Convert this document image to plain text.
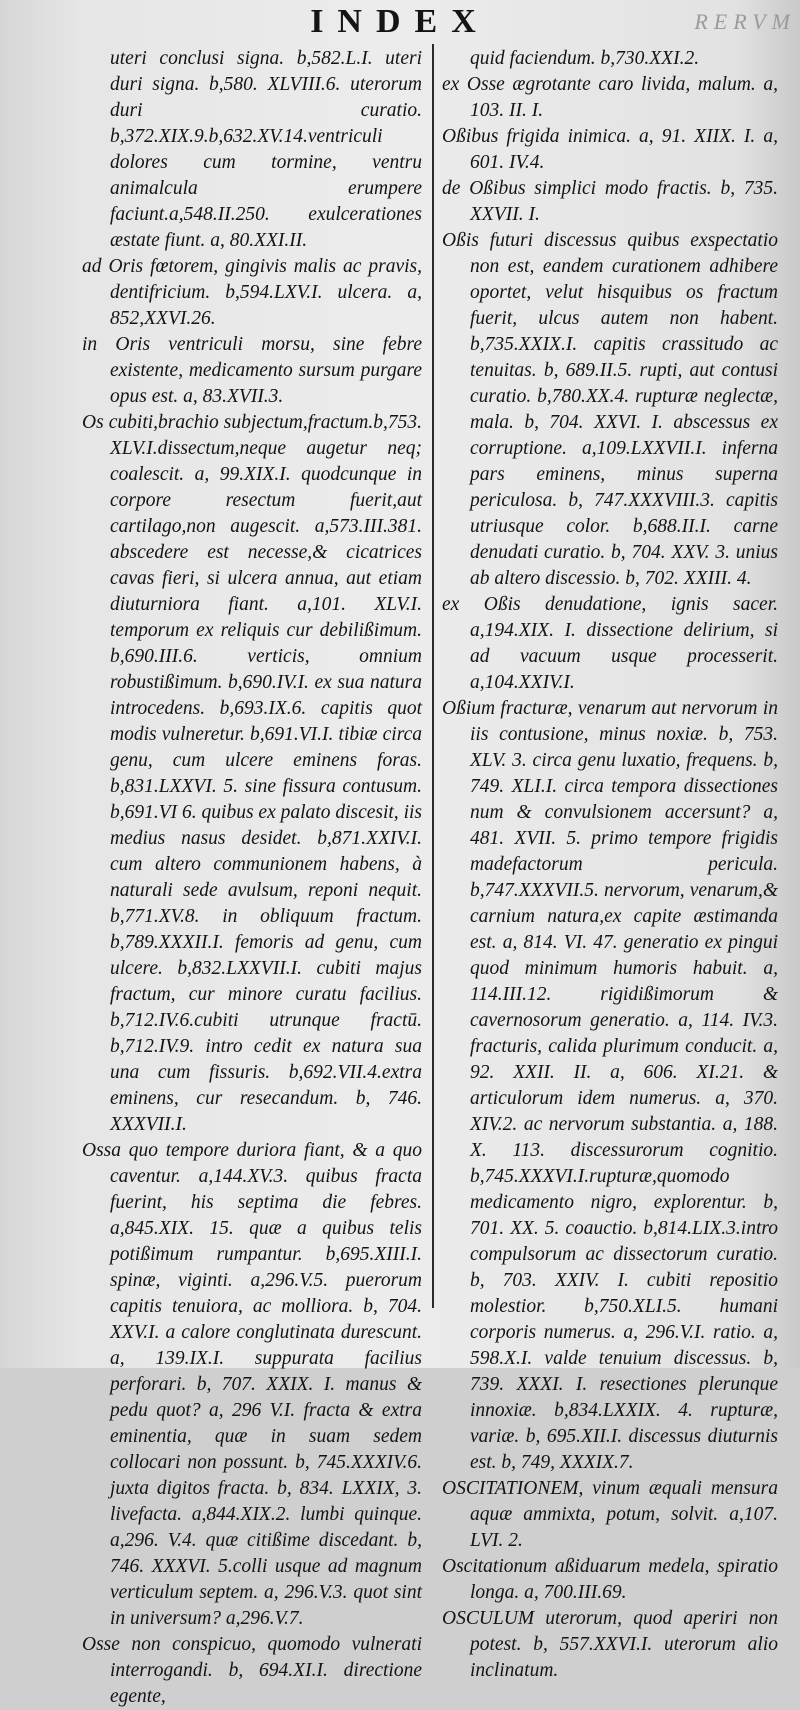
INDEX	RERVM

uteri conclusi signa. b,582.L.I. uteri duri signa. b,580. XLVIII.6. uterorum duri curatio. b,372.XIX.9.b,632.XV.14.ventriculi dolores cum tormine, ventru animalcula erumpere faciunt.a,548.II.250. exulcerationes æstate fiunt. a, 80.XXI.II.

ad Oris fœtorem, gingivis malis ac pravis, dentifricium. b,594.LXV.I. ulcera. a, 852,XXVI.26.

in Oris ventriculi morsu, sine febre existente, medicamento sursum purgare opus est. a, 83.XVII.3.

Os cubiti,brachio subjectum,fractum.b,753. XLV.I.dissectum,neque augetur neq; coalescit. a, 99.XIX.I. quodcunque in corpore resectum fuerit,aut cartilago,non augescit. a,573.III.381. abscedere est necesse,& cicatrices cavas fieri, si ulcera annua, aut etiam diuturniora fiant. a,101. XLV.I. temporum ex reliquis cur debilißimum. b,690.III.6. verticis, omnium robustißimum. b,690.IV.I. ex sua natura introcedens. b,693.IX.6. capitis quot modis vulneretur. b,691.VI.I. tibiæ circa genu, cum ulcere eminens foras. b,831.LXXVI. 5. sine fissura contusum. b,691.VI 6. quibus ex palato discesit, iis medius nasus desidet. b,871.XXIV.I. cum altero communionem habens, à naturali sede avulsum, reponi nequit. b,771.XV.8. in obliquum fractum. b,789.XXXII.I. femoris ad genu, cum ulcere. b,832.LXXVII.I. cubiti majus fractum, cur minore curatu facilius. b,712.IV.6.cubiti utrunque fractū. b,712.IV.9. intro cedit ex natura sua una cum fissuris. b,692.VII.4.extra eminens, cur resecandum. b, 746. XXXVII.I.

Ossa quo tempore duriora fiant, & a quo caventur. a,144.XV.3. quibus fracta fuerint, his septima die febres. a,845.XIX. 15. quæ a quibus telis potißimum rumpantur. b,695.XIII.I. spinæ, viginti. a,296.V.5. puerorum capitis tenuiora, ac molliora. b, 704. XXV.I. a calore conglutinata durescunt. a, 139.IX.I. suppurata facilius perforari. b, 707. XXIX. I. manus & pedu quot? a, 296 V.I. fracta & extra eminentia, quæ in suam sedem collocari non possunt. b, 745.XXXIV.6. juxta digitos fracta. b, 834. LXXIX, 3. livefacta. a,844.XIX.2. lumbi quinque. a,296. V.4. quæ citißime discedant. b, 746. XXXVI. 5.colli usque ad magnum verticulum septem. a, 296.V.3. quot sint in universum? a,296.V.7.

Osse non conspicuo, quomodo vulnerati interrogandi. b, 694.XI.I. directione egente,

quid faciendum. b,730.XXI.2.

ex Osse ægrotante caro livida, malum. a, 103. II. I.

Oßibus frigida inimica. a, 91. XIIX. I. a, 601. IV.4.

de Oßibus simplici modo fractis. b, 735. XXVII. I.

Oßis futuri discessus quibus exspectatio non est, eandem curationem adhibere oportet, velut hisquibus os fractum fuerit, ulcus autem non habent. b,735.XXIX.I. capitis crassitudo ac tenuitas. b, 689.II.5. rupti, aut contusi curatio. b,780.XX.4. rupturæ neglectæ, mala. b, 704. XXVI. I. abscessus ex corruptione. a,109.LXXVII.I. inferna pars eminens, minus superna periculosa. b, 747.XXXVIII.3. capitis utriusque color. b,688.II.I. carne denudati curatio. b, 704. XXV. 3. unius ab altero discessio. b, 702. XXIII. 4.

ex Oßis denudatione, ignis sacer. a,194.XIX. I. dissectione delirium, si ad vacuum usque processerit. a,104.XXIV.I.

Oßium fracturæ, venarum aut nervorum in iis contusione, minus noxiæ. b, 753. XLV. 3. circa genu luxatio, frequens. b, 749. XLI.I. circa tempora dissectiones num & convulsionem accersunt? a, 481. XVII. 5. primo tempore frigidis madefactorum pericula. b,747.XXXVII.5. nervorum, venarum,& carnium natura,ex capite æstimanda est. a, 814. VI. 47. generatio ex pingui quod minimum humoris habuit. a, 114.III.12. rigidißimorum & cavernosorum generatio. a, 114. IV.3. fracturis, calida plurimum conducit. a, 92. XXII. II. a, 606. XI.21. & articulorum idem numerus. a, 370. XIV.2. ac nervorum substantia. a, 188. X. 113. discessurorum cognitio. b,745.XXXVI.I.rupturæ,quomodo medicamento nigro, explorentur. b, 701. XX. 5. coauctio. b,814.LIX.3.intro compulsorum ac dissectorum curatio. b, 703. XXIV. I. cubiti repositio molestior. b,750.XLI.5. humani corporis numerus. a, 296.V.I. ratio. a, 598.X.I. valde tenuium discessus. b, 739. XXXI. I. resectiones plerunque innoxiæ. b,834.LXXIX. 4. rupturæ, variæ. b, 695.XII.I. discessus diuturnis est. b, 749, XXXIX.7.

OSCITATIONEM, vinum æquali mensura aquæ ammixta, potum, solvit. a,107. LVI. 2.

Oscitationum aßiduarum medela, spiratio longa. a, 700.III.69.

OSCULUM uterorum, quod aperiri non potest. b, 557.XXVI.I. uterorum alio inclinatum.
